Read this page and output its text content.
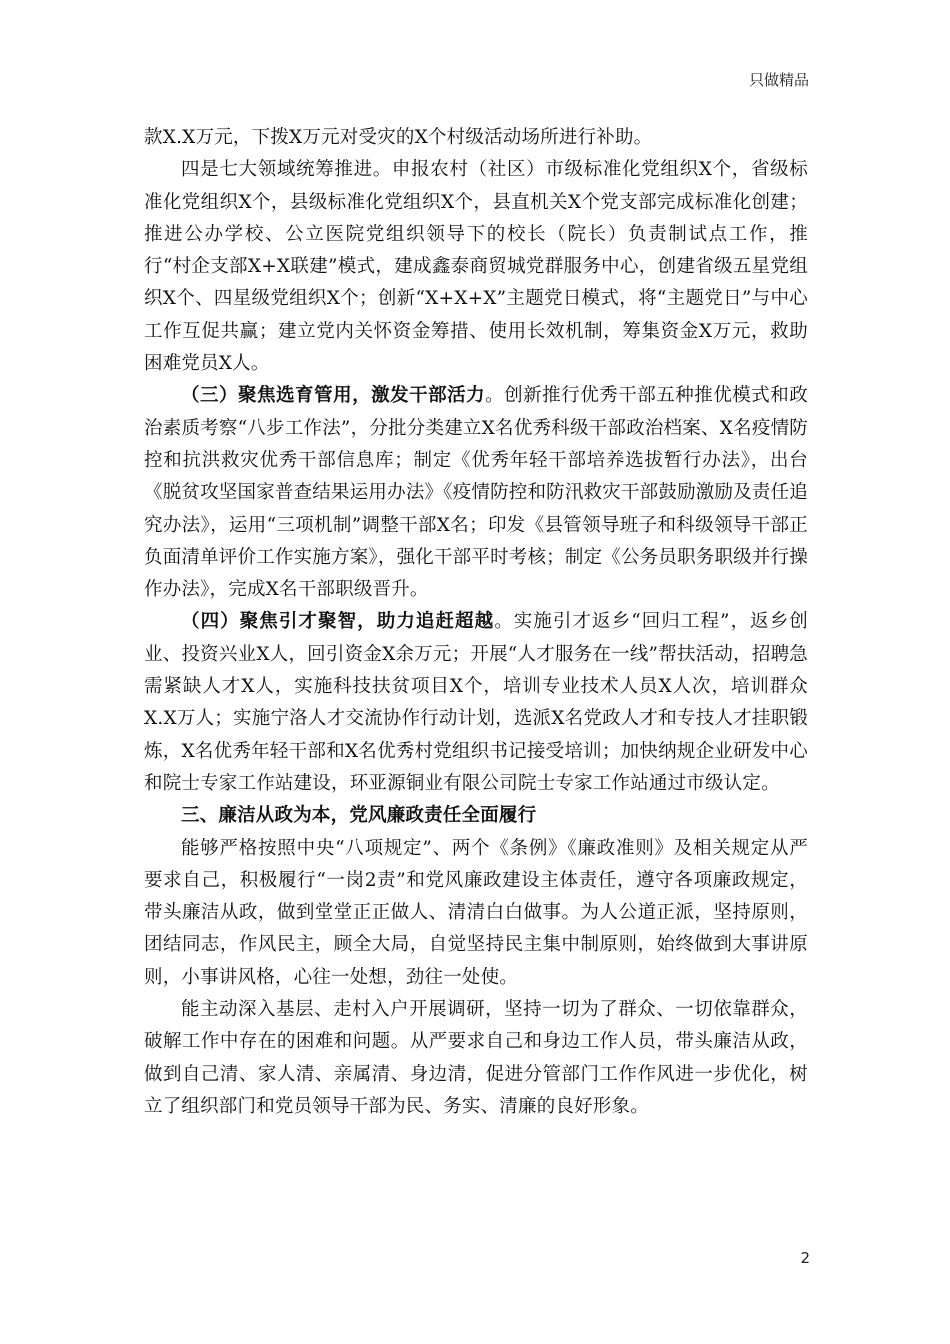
只做精品

款X.X万元，下拨X万元对受灾的X个村级活动场所进行补助。

四是七大领域统筹推进。申报农村（社区）市级标准化党组织X个，省级标准化党组织X个，县级标准化党组织X个，县直机关X个党支部完成标准化创建；推进公办学校、公立医院党组织领导下的校长（院长）负责制试点工作，推行“村企支部X+X联建”模式，建成鑫泰商贸城党群服务中心，创建省级五星党组织X个、四星级党组织X个；创新“X+X+X”主题党日模式，将“主题党日”与中心工作互促共赢；建立党内关怀资金筹措、使用长效机制，筹集资金X万元，救助困难党员X人。

（三）聚焦选育管用，激发干部活力。创新推行优秀干部五种推优模式和政治素质考察“八步工作法”，分批分类建立X名优秀科级干部政治档案、X名疫情防控和抗洪救灾优秀干部信息库；制定《优秀年轻干部培养选拔暂行办法》，出台《脱贫攻坚国家普查结果运用办法》《疫情防控和防汛救灾干部鼓励激励及责任追究办法》，运用“三项机制”调整干部X名；印发《县管领导班子和科级领导干部正负面清单评价工作实施方案》，强化干部平时考核；制定《公务员职务职级并行操作办法》，完成X名干部职级晋升。

（四）聚焦引才聚智，助力追赶超越。实施引才返乡“回归工程”，返乡创业、投资兴业X人，回引资金X余万元；开展“人才服务在一线”帮扶活动，招聘急需紧缺人才X人，实施科技扶贫项目X个，培训专业技术人员X人次，培训群众X.X万人；实施宁洛人才交流协作行动计划，选派X名党政人才和专技人才挂职锻炼，X名优秀年轻干部和X名优秀村党组织书记接受培训；加快纳规企业研发中心和院士专家工作站建设，环亚源铜业有限公司院士专家工作站通过市级认定。

三、廉洁从政为本，党风廉政责任全面履行

能够严格按照中央“八项规定”、两个《条例》《廉政准则》及相关规定从严要求自己，积极履行“一岗2责”和党风廉政建设主体责任，遵守各项廉政规定，带头廉洁从政，做到堂堂正正做人、清清白白做事。为人公道正派，坚持原则，团结同志，作风民主，顾全大局，自觉坚持民主集中制原则，始终做到大事讲原则，小事讲风格，心往一处想，劲往一处使。

能主动深入基层、走村入户开展调研，坚持一切为了群众、一切依靠群众，破解工作中存在的困难和问题。从严要求自己和身边工作人员，带头廉洁从政，做到自己清、家人清、亲属清、身边清，促进分管部门工作作风进一步优化，树立了组织部门和党员领导干部为民、务实、清廉的良好形象。

2
